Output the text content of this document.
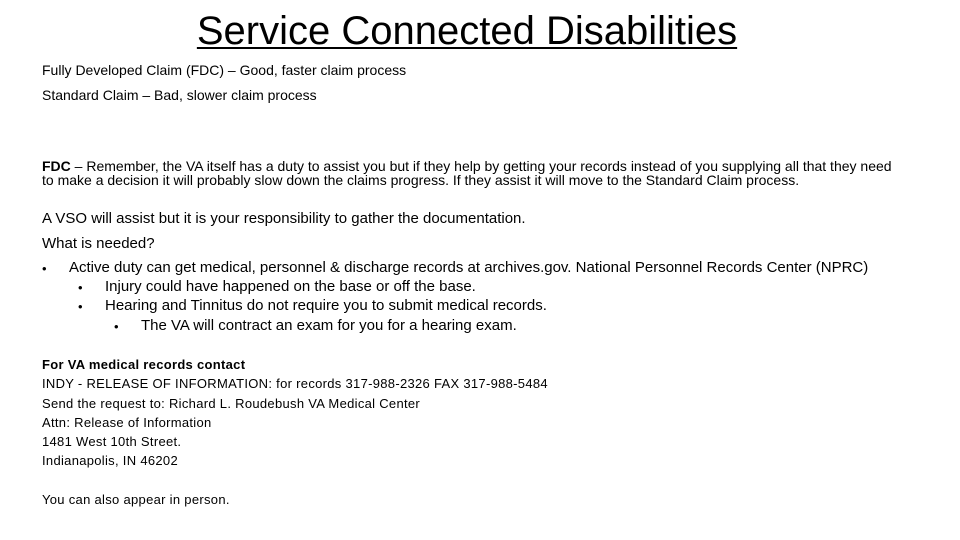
Service Connected Disabilities
Fully Developed Claim (FDC) – Good, faster claim process
Standard Claim – Bad, slower claim process
FDC – Remember, the VA itself has a duty to assist you but if they help by getting your records instead of you supplying all that they need to make a decision it will probably slow down the claims progress. If they assist it will move to the Standard Claim process.
A VSO will assist but it is your responsibility to gather the documentation.
What is needed?
• Active duty can get medical, personnel & discharge records at archives.gov. National Personnel Records Center (NPRC)
• Injury could have happened on the base or off the base.
• Hearing and Tinnitus do not require you to submit medical records.
• The VA will contract an exam for you for a hearing exam.
For VA medical records contact
INDY - RELEASE OF INFORMATION: for records 317-988-2326 FAX 317-988-5484
Send the request to: Richard L. Roudebush VA Medical Center
Attn: Release of Information
1481 West 10th Street.
Indianapolis, IN 46202
You can also appear in person.
